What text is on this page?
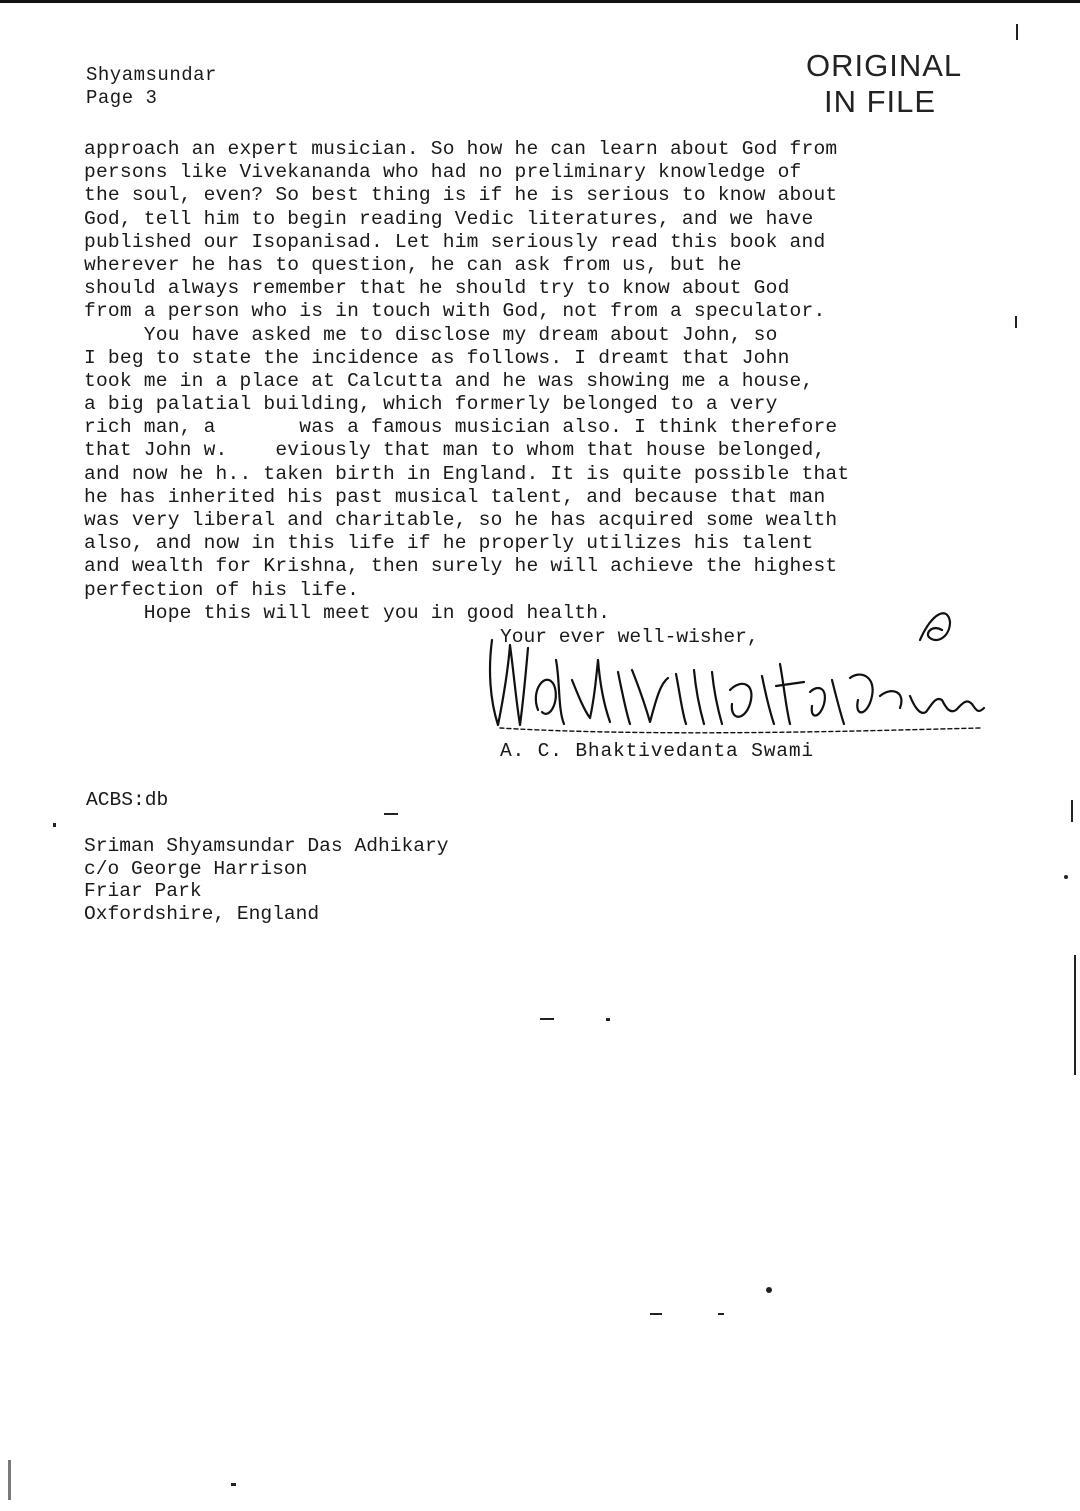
Shyamsundar
Page 3
ORIGINAL
IN FILE
approach an expert musician. So how he can learn about God from
persons like Vivekananda who had no preliminary knowledge of
the soul, even? So best thing is if he is serious to know about
God, tell him to begin reading Vedic literatures, and we have
published our Isopanisad. Let him seriously read this book and
wherever he has to question, he can ask from us, but he
should always remember that he should try to know about God
from a person who is in touch with God, not from a speculator.
You have asked me to disclose my dream about John, so
I beg to state the incidence as follows. I dreamt that John
took me in a place at Calcutta and he was showing me a house,
a big palatial building, which formerly belonged to a very
rich man, a       was a famous musician also. I think therefore
that John w.    eviously that man to whom that house belonged,
and now he h.. taken birth in England. It is quite possible that
he has inherited his past musical talent, and because that man
was very liberal and charitable, so he has acquired some wealth
also, and now in this life if he properly utilizes his talent
and wealth for Krishna, then surely he will achieve the highest
perfection of his life.
Hope this will meet you in good health.
Your ever well-wisher,
A. C. Bhaktivedanta Swami
ACBS:db
Sriman Shyamsundar Das Adhikary
c/o George Harrison
Friar Park
Oxfordshire, England
